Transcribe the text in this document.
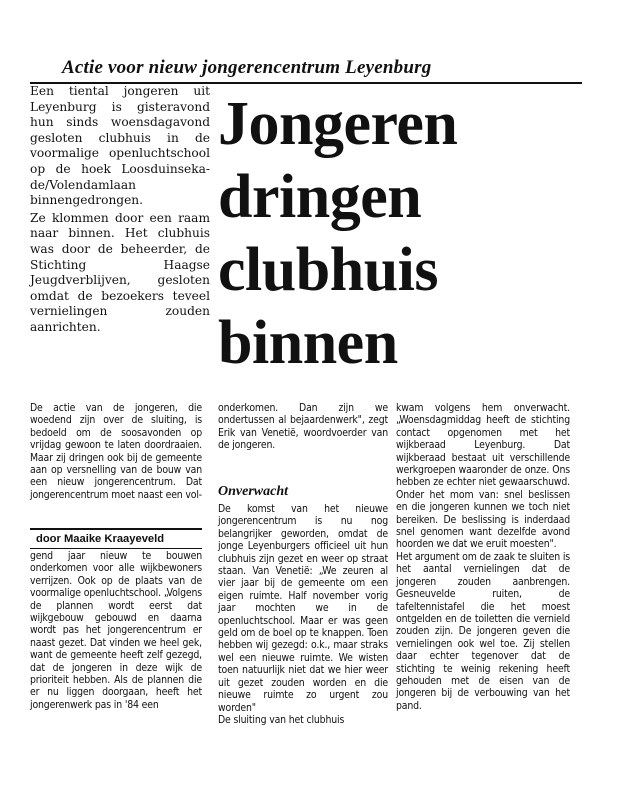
Actie voor nieuw jongerencentrum Leyenburg

Een tiental jongeren uit Leyenburg is gisteravond hun sinds woensdagavond gesloten clubhuis in de voormalige openluchtschool op de hoek Loosduinseka-de/Volendamlaan binnengedrongen.

Ze klommen door een raam naar binnen. Het clubhuis was door de beheerder, de Stichting Haagse Jeugdverblijven, gesloten omdat de bezoekers teveel vernielingen zouden aanrichten.

Jongeren
dringen
clubhuis
binnen

De actie van de jongeren, die woedend zijn over de sluiting, is bedoeld om de soosavonden op vrijdag gewoon te laten doordraaien. Maar zij dringen ook bij de gemeente aan op versnelling van de bouw van een nieuw jongerencentrum. Dat jongerencentrum moet naast een vol-

door Maaike Kraayeveld

gend jaar nieuw te bouwen onderkomen voor alle wijkbewoners verrijzen. Ook op de plaats van de voormalige openluchtschool. „Volgens de plannen wordt eerst dat wijkgebouw gebouwd en daarna wordt pas het jongerencentrum er naast gezet. Dat vinden we heel gek, want de gemeente heeft zelf gezegd, dat de jongeren in deze wijk de prioriteit hebben. Als de plannen die er nu liggen doorgaan, heeft het jongerenwerk pas in '84 een

onderkomen. Dan zijn we ondertussen al bejaardenwerk", zegt Erik van Venetië, woordvoerder van de jongeren.

Onverwacht

De komst van het nieuwe jongerencentrum is nu nog belangrijker geworden, omdat de jonge Leyenburgers officieel uit hun clubhuis zijn gezet en weer op straat staan. Van Venetië: „We zeuren al vier jaar bij de gemeente om een eigen ruimte. Half november vorig jaar mochten we in de openluchtschool. Maar er was geen geld om de boel op te knappen. Toen hebben wij gezegd: o.k., maar straks wel een nieuwe ruimte. We wisten toen natuurlijk niet dat we hier weer uit gezet zouden worden en die nieuwe ruimte zo urgent zou worden"

De sluiting van het clubhuis

kwam volgens hem onverwacht. „Woensdagmiddag heeft de stichting contact opgenomen met het wijkberaad Leyenburg. Dat wijkberaad bestaat uit verschillende werkgroepen waaronder de onze. Ons hebben ze echter niet gewaarschuwd. Onder het mom van: snel beslissen en die jongeren kunnen we toch niet bereiken. De beslissing is inderdaad snel genomen want dezelfde avond hoorden we dat we eruit moesten".

Het argument om de zaak te sluiten is het aantal vernielingen dat de jongeren zouden aanbrengen. Gesneuvelde ruiten, de tafeltennistafel die het moest ontgelden en de toiletten die vernield zouden zijn. De jongeren geven die vernielingen ook wel toe. Zij stellen daar echter tegenover dat de stichting te weinig rekening heeft gehouden met de eisen van de jongeren bij de verbouwing van het pand.
